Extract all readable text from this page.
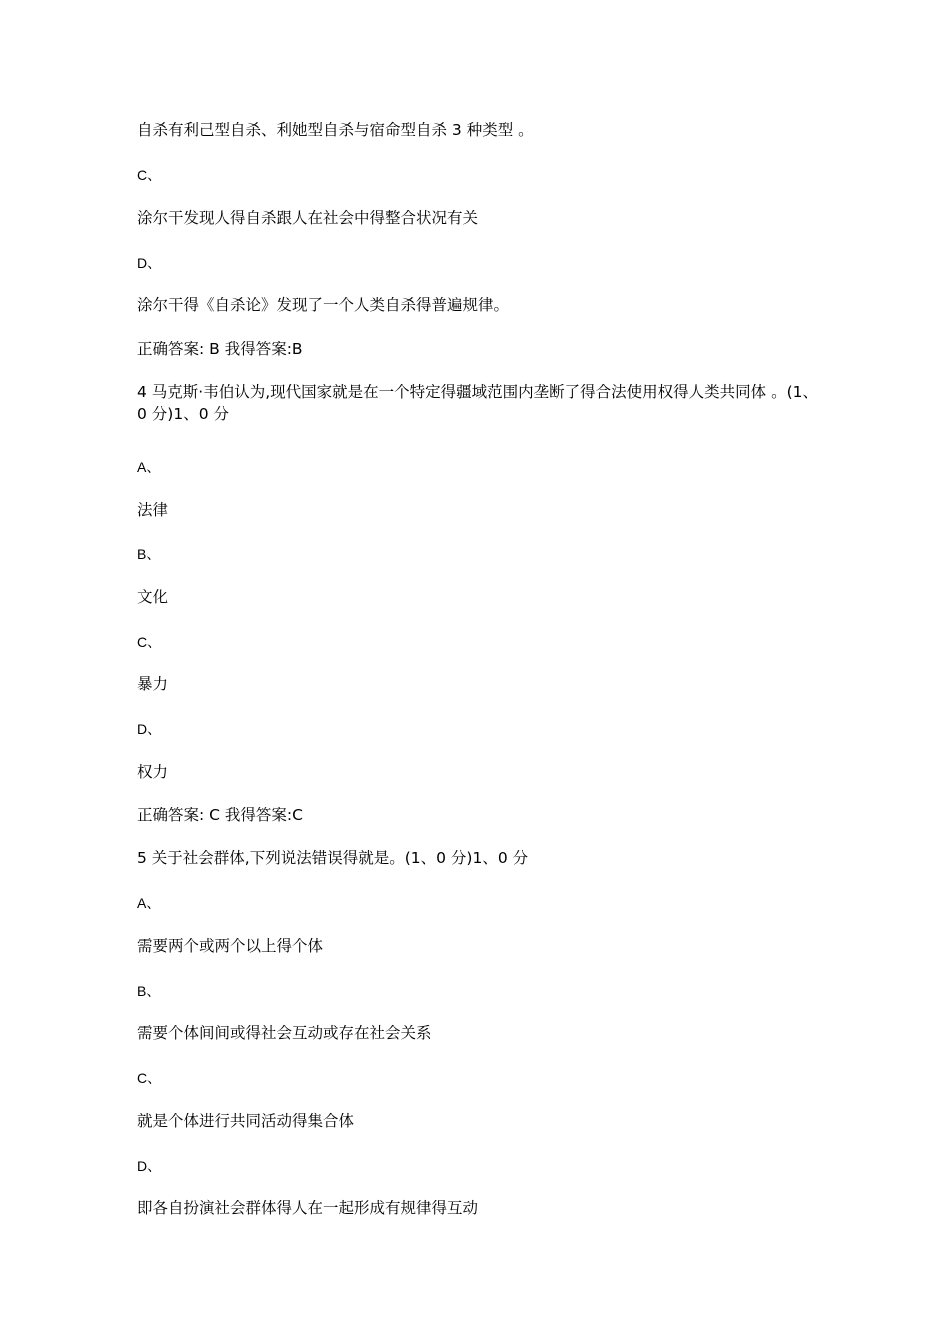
自杀有利己型自杀、利她型自杀与宿命型自杀 3 种类型 。
C、
涂尔干发现人得自杀跟人在社会中得整合状况有关
D、
涂尔干得《自杀论》发现了一个人类自杀得普遍规律。
正确答案: B 我得答案:B
4 马克斯·韦伯认为,现代国家就是在一个特定得疆域范围内垄断了得合法使用权得人类共同体 。(1、0 分)1、0 分
A、
法律
B、
文化
C、
暴力
D、
权力
正确答案: C 我得答案:C
5 关于社会群体,下列说法错误得就是。(1、0 分)1、0 分
A、
需要两个或两个以上得个体
B、
需要个体间间或得社会互动或存在社会关系
C、
就是个体进行共同活动得集合体
D、
即各自扮演社会群体得人在一起形成有规律得互动
